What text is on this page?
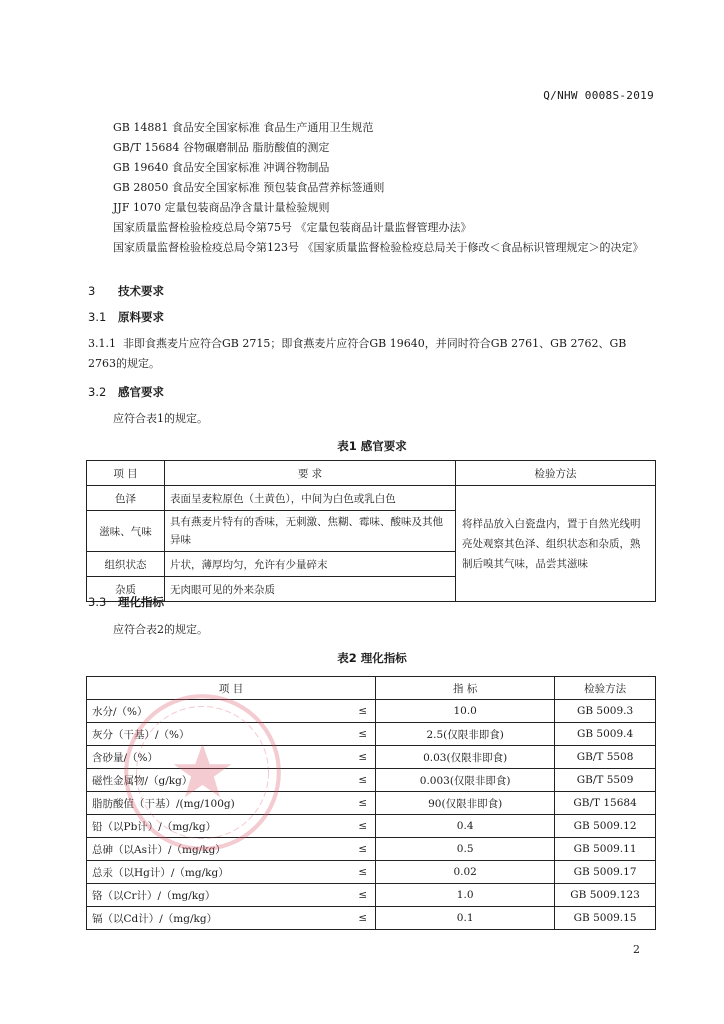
Q/NHW 0008S-2019
GB 14881 食品安全国家标准 食品生产通用卫生规范
GB/T 15684 谷物碾磨制品 脂肪酸值的测定
GB 19640 食品安全国家标准 冲调谷物制品
GB 28050 食品安全国家标准 预包装食品营养标签通则
JJF 1070 定量包装商品净含量计量检验规则
国家质量监督检验检疫总局令第75号 《定量包装商品计量监督管理办法》
国家质量监督检验检疫总局令第123号 《国家质量监督检验检疫总局关于修改＜食品标识管理规定＞的决定》
3 技术要求
3.1 原料要求
3.1.1 非即食燕麦片应符合GB 2715；即食燕麦片应符合GB 19640，并同时符合GB 2761、GB 2762、GB 2763的规定。
3.2 感官要求
应符合表1的规定。
表1 感官要求
项 目	要 求	检验方法
色泽	表面呈麦粒原色（土黄色），中间为白色或乳白色	将样品放入白瓷盘内，置于自然光线明亮处观察其色泽、组织状态和杂质，熟制后嗅其气味，品尝其滋味
滋味、气味	具有燕麦片特有的香味，无刺激、焦糊、霉味、酸味及其他异味	
组织状态	片状，薄厚均匀，允许有少量碎末	
杂质	无肉眼可见的外来杂质	
3.3 理化指标
应符合表2的规定。
表2 理化指标
项 目		指 标	检验方法
水分/（%）	≤	10.0	GB 5009.3
灰分（干基）/（%）	≤	2.5(仅限非即食)	GB 5009.4
含砂量/（%）	≤	0.03(仅限非即食)	GB/T 5508
磁性金属物/（g/kg）	≤	0.003(仅限非即食)	GB/T 5509
脂肪酸值（干基）/(mg/100g)	≤	90(仅限非即食)	GB/T 15684
铅（以Pb计）/（mg/kg）	≤	0.4	GB 5009.12
总砷（以As计）/（mg/kg）	≤	0.5	GB 5009.11
总汞（以Hg计）/（mg/kg）	≤	0.02	GB 5009.17
铬（以Cr计）/（mg/kg）	≤	1.0	GB 5009.123
镉（以Cd计）/（mg/kg）	≤	0.1	GB 5009.15
2
